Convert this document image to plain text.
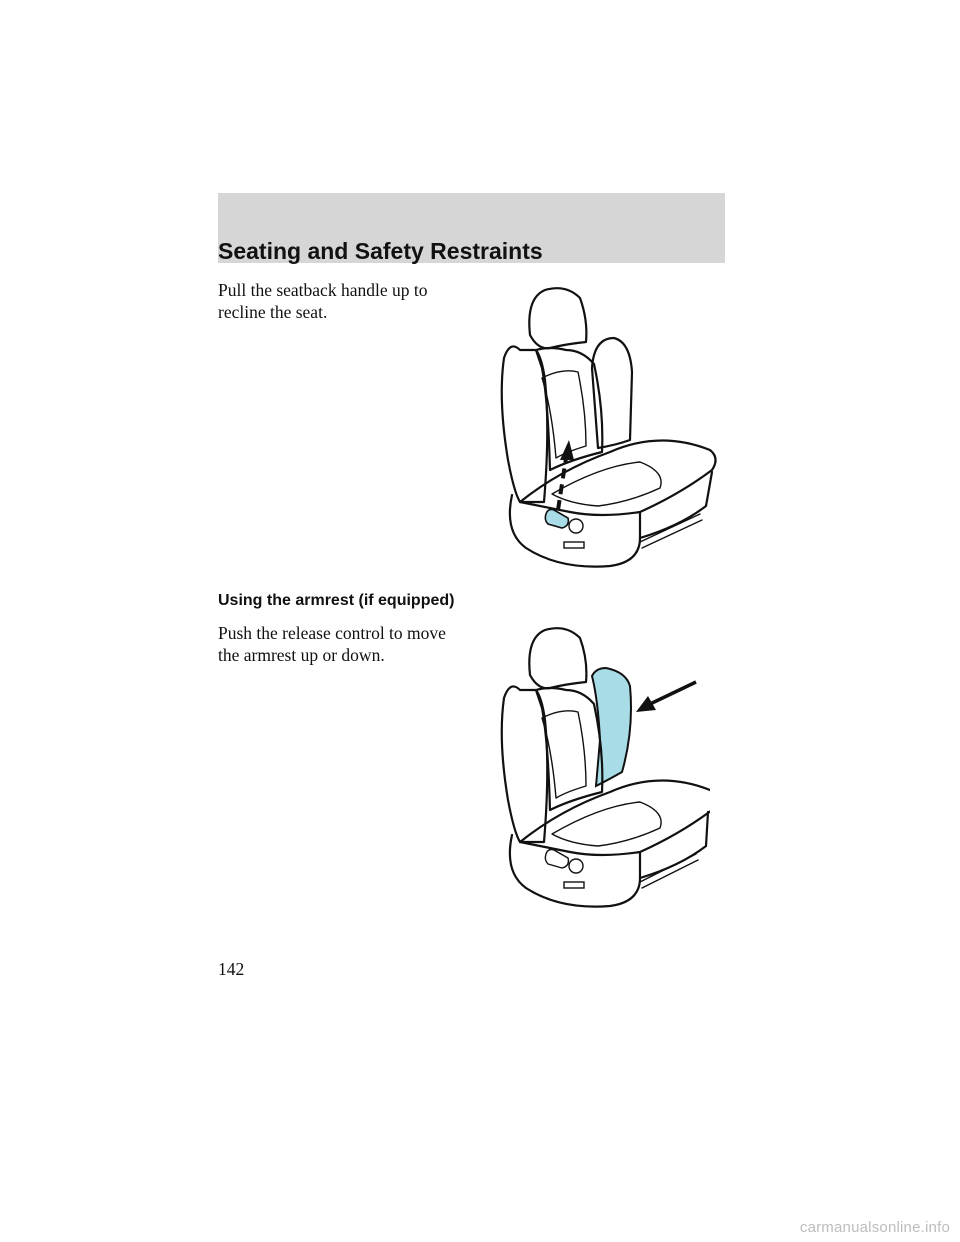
Seating and Safety Restraints
Pull the seatback handle up to recline the seat.
Using the armrest (if equipped)
Push the release control to move the armrest up or down.
142
carmanualsonline.info
